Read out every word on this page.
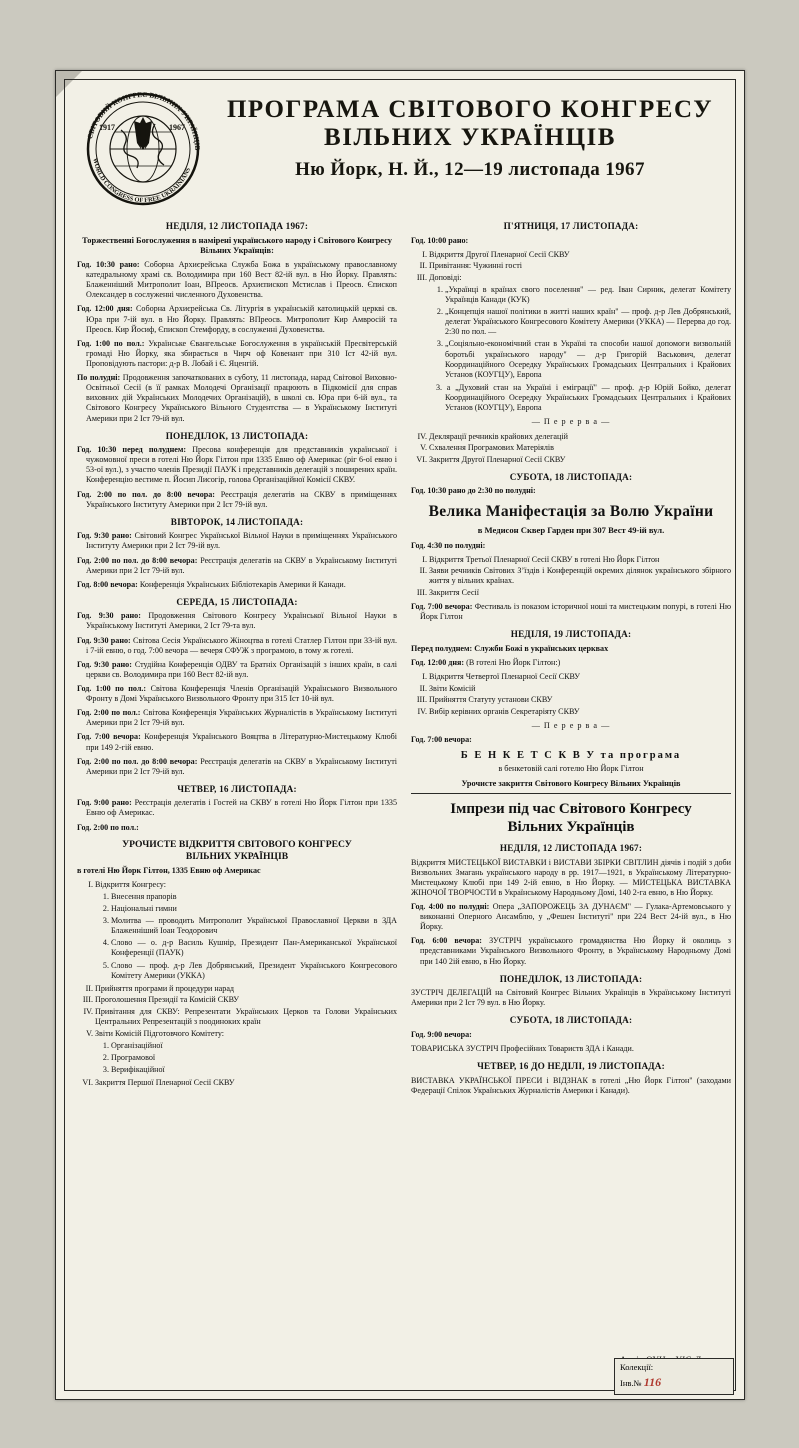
1917	1967
СВІТОВИЙ КОНГРЕС ВІЛЬНИХ УКРАЇНЦІВ
WORLD CONGRESS OF FREE UKRAINIANS
ПРОГРАМА СВІТОВОГО КОНГРЕСУ
ВІЛЬНИХ УКРАЇНЦІВ
Ню Йорк, Н. Й., 12—19 листопада 1967
НЕДІЛЯ, 12 ЛИСТОПАДА 1967:
Торжественні Богослуження в намірені українського народу і Світового Конгресу Вільних Українців:

Год. 10:30 рано: Соборна Архиєрейська Служба Божа в українському православному катедральному храмі св. Володимира при 160 Вест 82-ій вул. в Ню Йорку. Правлять: Блаженніший Митрополит Іоан, ВПреосв. Архиєпископ Мстислав і Преосв. Єпископ Олександер в сослуженні численного Духовенства.

Год. 12:00 дня: Соборна Архиєрейська Св. Літургія в українській католицькій церкві св. Юра при 7-ій вул. в Ню Йорку. Правлять: ВПреосв. Митрополит Кир Амвросій та Преосв. Кир Йосиф, Єпископ Стемфорду, в сослуженні Духовенства.

Год. 1:00 по пол.: Українське Євангельське Богослуження в українській Пресвітерській громаді Ню Йорку, яка збирається в Чирч оф Ковенант при 310 Іст 42-ій вул. Проповідують пастори: д-р В. Лобай і Є. Яценгій.

По полудні: Продовження започаткованих в суботу, 11 листопада, нарад Світової Виховно-Освітньої Сесії (в її рамках Молодечі Організації працюють в Підкомісії для справ виховних дій Українських Молодечих Організацій), в школі св. Юра при 6-ій вул., та Світового Конгресу Українського Вільного Студентства — в Українському Інституті Америки при 2 Іст 79-ій вул.

ПОНЕДІЛОК, 13 ЛИСТОПАДА:

Год. 10:30 перед полуднем: Пресова конференція для представників української і чужомовної преси в готелі Ню Йорк Гілтон при 1335 Евню оф Америкас (ріг 6-ої евню і 53-ої вул.), з участю членів Президії ПАУК і представників делегацій з поширених країн. Конференцію вестиме п. Йосип Лисогір, голова Організаційної Комісії СКВУ.

Год. 2:00 по пол. до 8:00 вечора: Реєстрація делегатів на СКВУ в приміщеннях Українського Інституту Америки при 2 Іст 79-ій вул.

ВІВТОРОК, 14 ЛИСТОПАДА:

Год. 9:30 рано: Світовий Конгрес Української Вільної Науки в приміщеннях Українського Інституту Америки при 2 Іст 79-ій вул.

Год. 2:00 по пол. до 8:00 вечора: Реєстрація делегатів на СКВУ в Українському Інституті Америки при 2 Іст 79-ій вул.

Год. 8:00 вечора: Конференція Українських Бібліотекарів Америки й Канади.

СЕРЕДА, 15 ЛИСТОПАДА:

Год. 9:30 рано: Продовження Світового Конгресу Української Вільної Науки в Українському Інституті Америки, 2 Іст 79-та вул.

Год. 9:30 рано: Світова Сесія Українського Жіноцтва в готелі Статлер Гілтон при 33-ій вул. і 7-ій евню, о год. 7:00 вечора — вечеря СФУЖ з програмою, в тому ж готелі.

Год. 9:30 рано: Студійна Конференція ОДВУ та Братніх Організацій з інших країн, в салі церкви св. Володимира при 160 Вест 82-ій вул.

Год. 1:00 по пол.: Світова Конференція Членів Організацій Українського Визвольного Фронту в Домі Українського Визвольного Фронту при 315 Іст 10-ій вул.

Год. 2:00 по пол.: Світова Конференція Українських Журналістів в Українському Інституті Америки при 2 Іст 79-ій вул.

Год. 7:00 вечора: Конференція Українського Вояцтва в Літературно-Мистецькому Клюбі при 149 2-гій евню.

Год. 2:00 по пол. до 8:00 вечора: Реєстрація делегатів на СКВУ в Українському Інституті Америки при 2 Іст 79-ій вул.

ЧЕТВЕР, 16 ЛИСТОПАДА:

Год. 9:00 рано: Реєстрація делегатів і Гостей на СКВУ в готелі Ню Йорк Гілтон при 1335 Евню оф Америкас.

Год. 2:00 по пол.:

УРОЧИСТЕ ВІДКРИТТЯ СВІТОВОГО КОНГРЕСУ
ВІЛЬНИХ УКРАЇНЦІВ

в готелі Ню Йорк Гілтон, 1335 Евню оф Америкас

I. Відкриття Конгресу:
1. Внесення прапорів
2. Національні гимни
3. Молитва — проводить Митрополит Української Православної Церкви в ЗДА Блаженніший Іоан Теодорович
4. Слово — о. д-р Василь Кушнір, Президент Пан-Американської Української Конференції (ПАУК)
5. Слово — проф. д-р Лев Добрянський, Президент Українського Конгресового Комітету Америки (УККА)
II. Прийняття програми й процедури нарад
III. Проголошення Президії та Комісій СКВУ
IV. Привітання для СКВУ: Репрезентати Українських Церков та Голови Українських Центральних Репрезентацій з поодиноких країн
V. Звіти Комісій Підготовчого Комітету:
1. Організаційної
2. Програмової
3. Верифікаційної
VI. Закриття Першої Пленарної Сесії СКВУ
П'ЯТНИЦЯ, 17 ЛИСТОПАДА:

Год. 10:00 рано:

I. Відкриття Другої Пленарної Сесії СКВУ
II. Привітання: Чужинні гості
III. Доповіді:
1. „Українці в країнах свого поселення" — ред. Іван Сирник, делегат Комітету Українців Канади (КУК)
2. „Концепція нашої політики в житті наших країн" — проф. д-р Лев Добрянський, делегат Українського Конгресового Комітету Америки (УККА) — Перерва до год. 2:30 по пол. —
3. „Соціяльно-економічний стан в Україні та способи нашої допомоги визвольній боротьбі українського народу" — д-р Григорій Васькович, делегат Координаційного Осередку Українських Громадських Центральних і Крайових Установ (КОУГЦУ), Европа

3. а „Духовий стан на Україні і еміграції" — проф. д-р Юрій Бойко, делегат Координаційного Осередку Українських Громадських Центральних і Крайових Установ (КОУГЦУ), Европа

— П е р е р в а —
IV. Деклярації речників крайових делегацій
V. Схвалення Програмових Матеріялів
VI. Закриття Другої Пленарної Сесії СКВУ
СУБОТА, 18 ЛИСТОПАДА:

Год. 10:30 рано до 2:30 по полудні:

Велика Маніфестація за Волю України
в Медисон Сквер Гарден при 307 Вест 49-ій вул.

Год. 4:30 по полудні:

I. Відкриття Третьої Пленарної Сесії СКВУ в готелі Ню Йорк Гілтон
II. Заяви речників Світових Зʼїздів і Конференцій окремих ділянок українського збірного життя у вільних країнах.
III. Закриття Сесії

Год. 7:00 вечора: Фестиваль із показом історичної ноші та мистецьким попурі, в готелі Ню Йорк Гілтон

НЕДІЛЯ, 19 ЛИСТОПАДА:

Перед полуднем: Служби Божі в українських церквах

Год. 12:00 дня: (В готелі Ню Йорк Гілтон:)

I. Відкриття Четвертої Пленарної Сесії СКВУ
II. Звіти Комісій
III. Прийняття Статуту установи СКВУ
IV. Вибір керівних органів Секретаріяту СКВУ
— П е р е р в а —

Год. 7:00 вечора:

Б Е Н К Е Т С К В У та програма
в бенкетовій салі готелю Ню Йорк Гілтон
Урочисте закриття Світового Конгресу Вільних Українців
Імпрези під час Світового Конгресу
Вільних Українців
НЕДІЛЯ, 12 ЛИСТОПАДА 1967:

Відкриття МИСТЕЦЬКОЇ ВИСТАВКИ і ВИСТАВИ ЗБІРКИ СВІТЛИН діячів і подій з доби Визвольних Змагань українського народу в рр. 1917—1921, в Українському Літературно-Мистецькому Клюбі при 149 2-ій евню, в Ню Йорку. — МИСТЕЦЬКА ВИСТАВКА ЖІНОЧОЇ ТВОРЧОСТИ в Українському Народньому Домі, 140 2-га евню, в Ню Йорку.

Год. 4:00 по полудні: Опера „ЗАПОРОЖЕЦЬ ЗА ДУНАЄМ" — Гулака-Артемовського у виконанні Оперного Ансамблю, у „Фешен Інституті" при 224 Вест 24-ій вул., в Ню Йорку.

Год. 6:00 вечора: ЗУСТРІЧ українського громадянства Ню Йорку й околиць з представниками Українського Визвольного Фронту, в Українському Народньому Домі при 140 2ій евню, в Ню Йорку.

ПОНЕДІЛОК, 13 ЛИСТОПАДА:

ЗУСТРІЧ ДЕЛЕГАЦІЙ на Світовий Конгрес Вільних Українців в Українському Інституті Америки при 2 Іст 79 вул. в Ню Йорку.

СУБОТА, 18 ЛИСТОПАДА:

Год. 9:00 вечора:

ТОВАРИСЬКА ЗУСТРІЧ Професійних Товариств ЗДА і Канади.

ЧЕТВЕР, 16 ДО НЕДІЛІ, 19 ЛИСТОПАДА:

ВИСТАВКА УКРАЇНСЬКОЇ ПРЕСИ і ВІДЗНАК в готелі „Ню Йорк Гілтон" (заходами Федерації Спілок Українських Журналістів Америки і Канади).

Колекції:
Інв.№ 116
